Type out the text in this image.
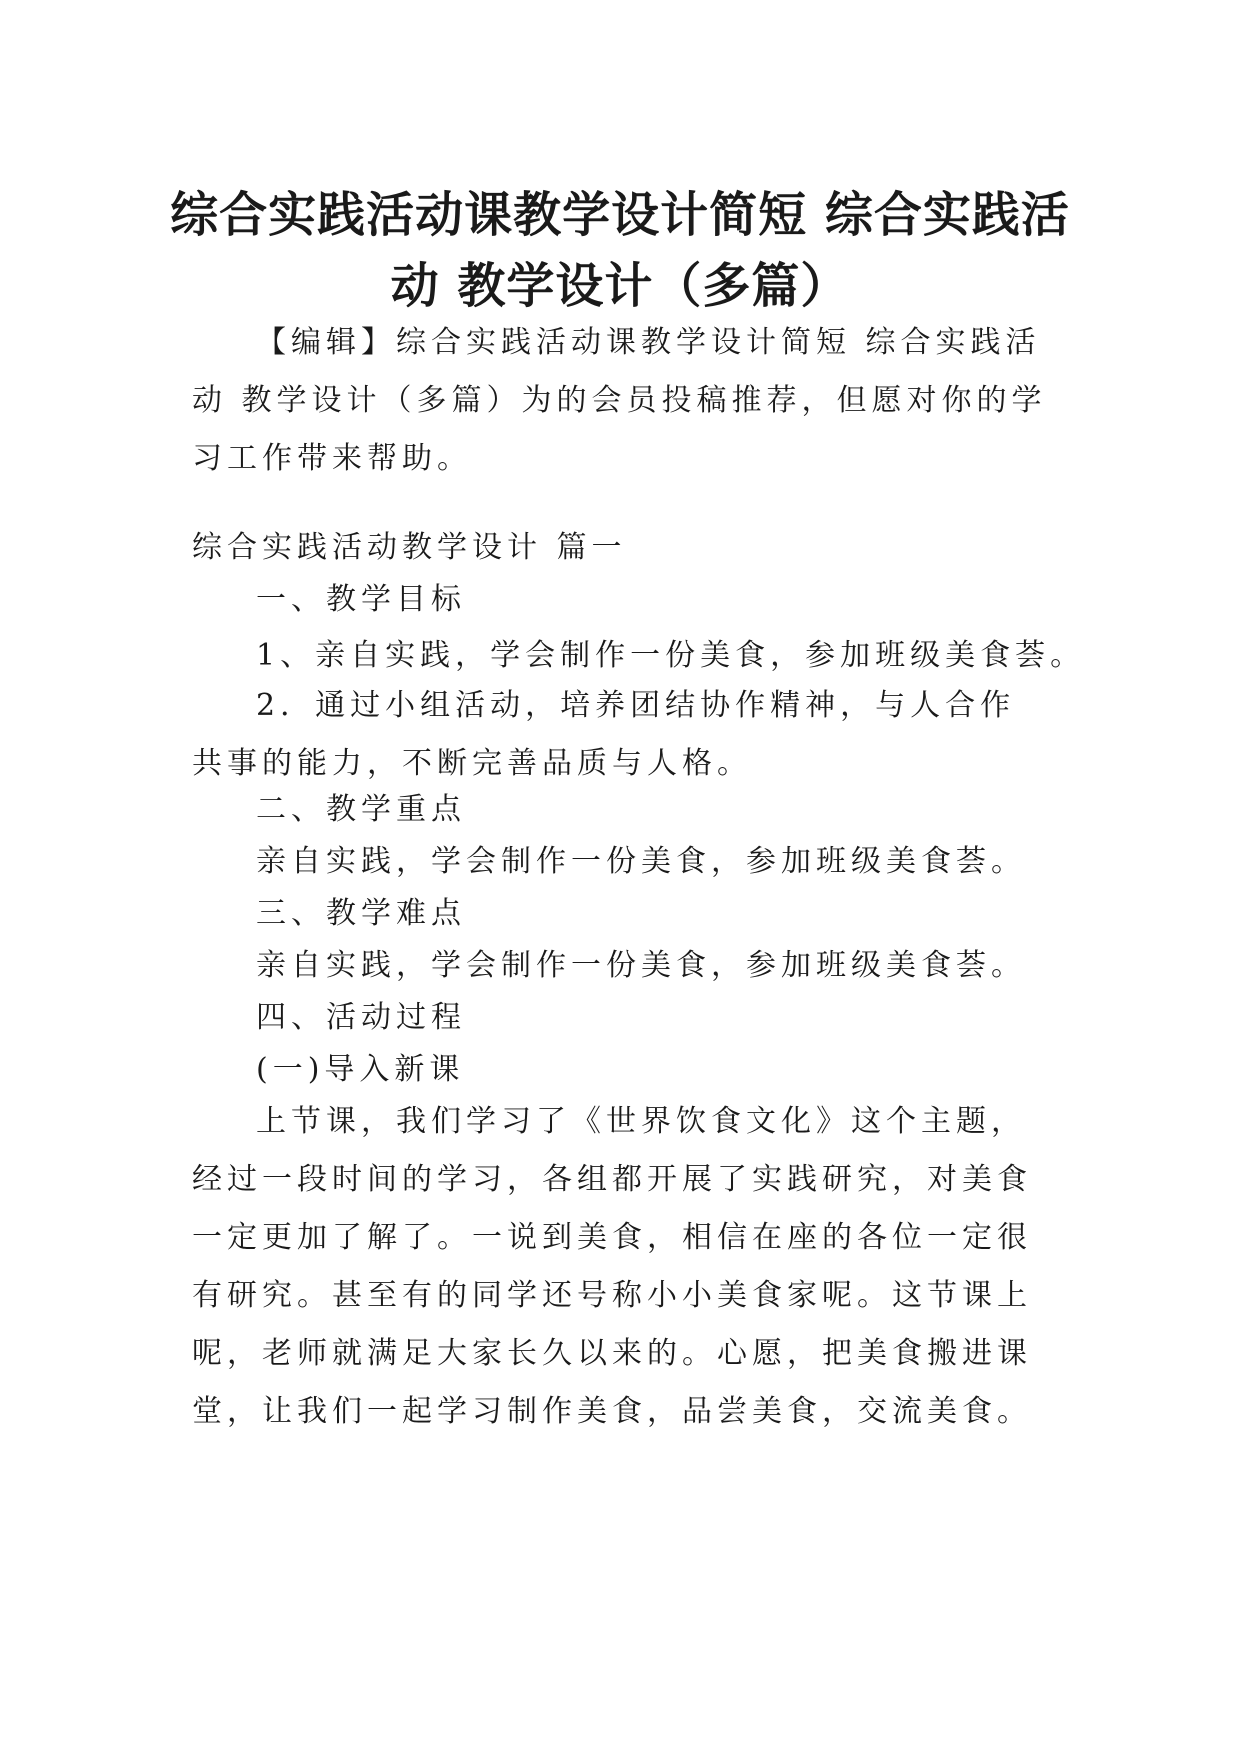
综合实践活动课教学设计简短 综合实践活
动 教学设计（多篇）

【编辑】综合实践活动课教学设计简短 综合实践活动 教学设计（多篇）为的会员投稿推荐，但愿对你的学习工作带来帮助。

综合实践活动教学设计 篇一

一、教学目标

1、亲自实践，学会制作一份美食，参加班级美食荟。

2．通过小组活动，培养团结协作精神，与人合作共事的能力，不断完善品质与人格。

二、教学重点

亲自实践，学会制作一份美食，参加班级美食荟。

三、教学难点

亲自实践，学会制作一份美食，参加班级美食荟。

四、活动过程

(一)导入新课

上节课，我们学习了《世界饮食文化》这个主题，经过一段时间的学习，各组都开展了实践研究，对美食一定更加了解了。一说到美食，相信在座的各位一定很有研究。甚至有的同学还号称小小美食家呢。这节课上呢，老师就满足大家长久以来的。心愿，把美食搬进课堂，让我们一起学习制作美食，品尝美食，交流美食。
